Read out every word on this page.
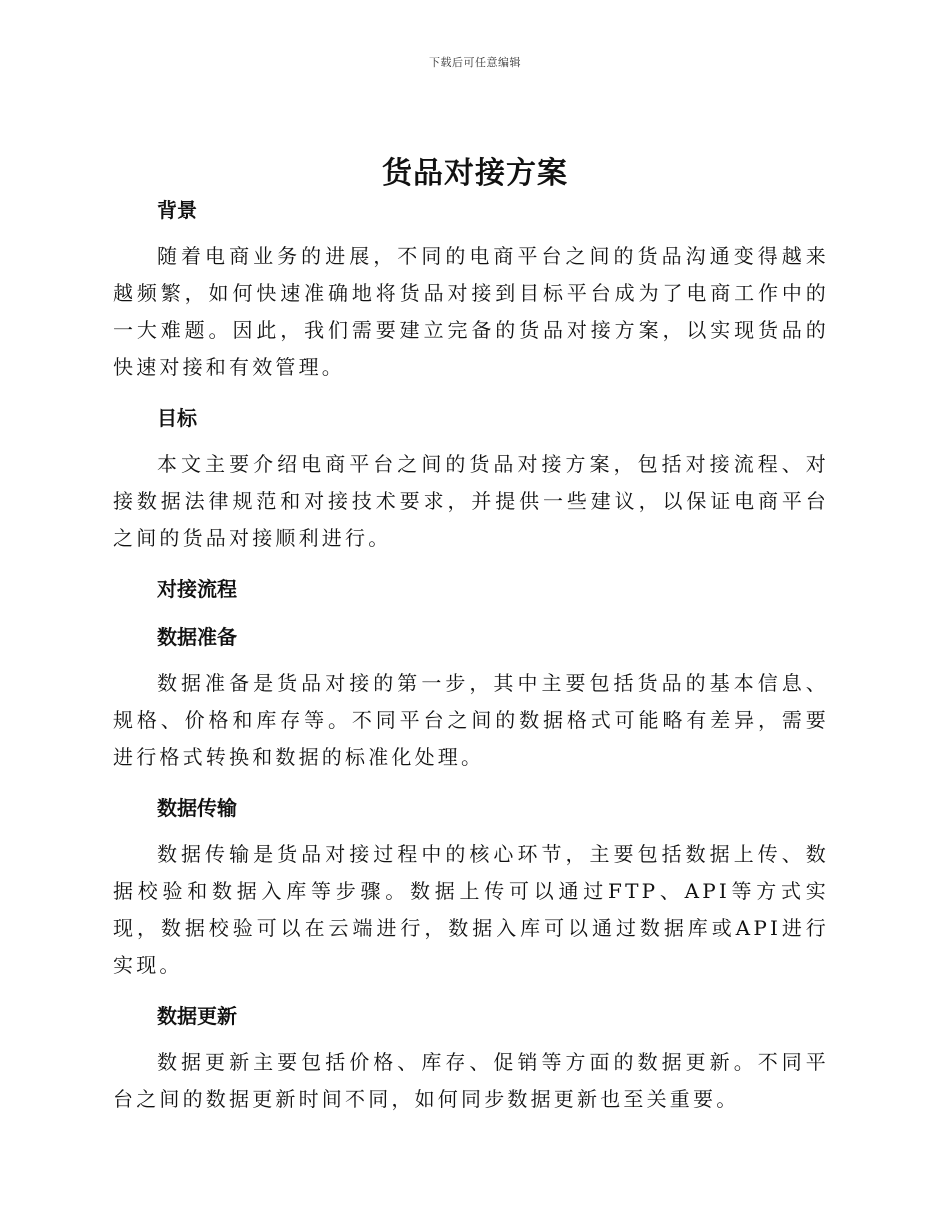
下载后可任意编辑
货品对接方案
背景

随着电商业务的进展，不同的电商平台之间的货品沟通变得越来越频繁，如何快速准确地将货品对接到目标平台成为了电商工作中的一大难题。因此，我们需要建立完备的货品对接方案，以实现货品的快速对接和有效管理。

目标

本文主要介绍电商平台之间的货品对接方案，包括对接流程、对接数据法律规范和对接技术要求，并提供一些建议，以保证电商平台之间的货品对接顺利进行。

对接流程
数据准备

数据准备是货品对接的第一步，其中主要包括货品的基本信息、规格、价格和库存等。不同平台之间的数据格式可能略有差异，需要进行格式转换和数据的标准化处理。

数据传输

数据传输是货品对接过程中的核心环节，主要包括数据上传、数据校验和数据入库等步骤。数据上传可以通过FTP、API等方式实现，数据校验可以在云端进行，数据入库可以通过数据库或API进行实现。

数据更新

数据更新主要包括价格、库存、促销等方面的数据更新。不同平台之间的数据更新时间不同，如何同步数据更新也至关重要。
